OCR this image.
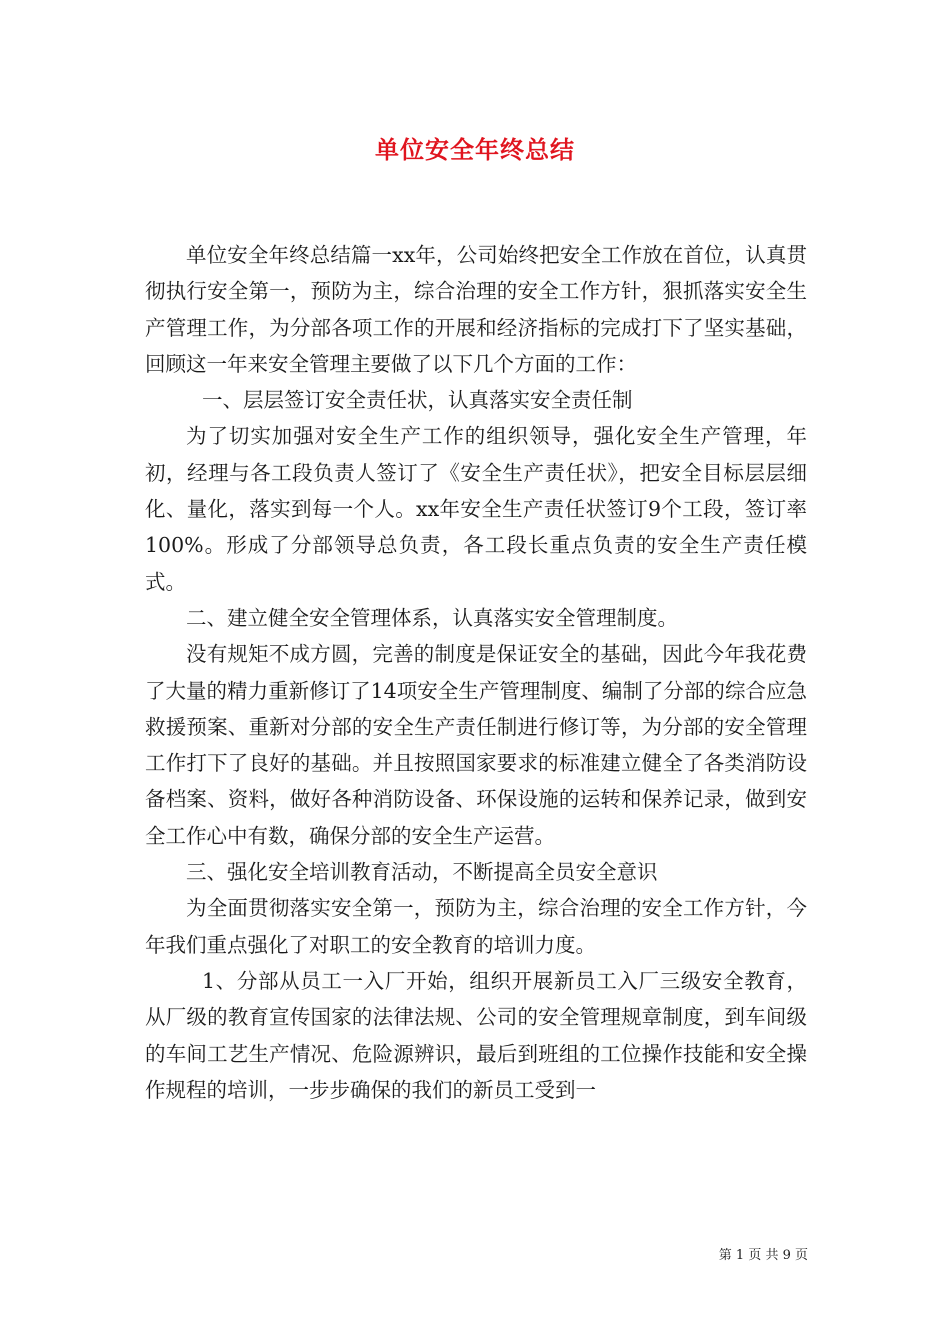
单位安全年终总结

单位安全年终总结篇一xx年，公司始终把安全工作放在首位，认真贯彻执行安全第一，预防为主，综合治理的安全工作方针，狠抓落实安全生产管理工作，为分部各项工作的开展和经济指标的完成打下了坚实基础，回顾这一年来安全管理主要做了以下几个方面的工作：

一、层层签订安全责任状，认真落实安全责任制

为了切实加强对安全生产工作的组织领导，强化安全生产管理，年初，经理与各工段负责人签订了《安全生产责任状》，把安全目标层层细化、量化，落实到每一个人。xx年安全生产责任状签订9个工段，签订率100%。形成了分部领导总负责，各工段长重点负责的安全生产责任模式。

二、建立健全安全管理体系，认真落实安全管理制度。

没有规矩不成方圆，完善的制度是保证安全的基础，因此今年我花费了大量的精力重新修订了14项安全生产管理制度、编制了分部的综合应急救援预案、重新对分部的安全生产责任制进行修订等，为分部的安全管理工作打下了良好的基础。并且按照国家要求的标准建立健全了各类消防设备档案、资料，做好各种消防设备、环保设施的运转和保养记录，做到安全工作心中有数，确保分部的安全生产运营。

三、强化安全培训教育活动，不断提高全员安全意识

为全面贯彻落实安全第一，预防为主，综合治理的安全工作方针，今年我们重点强化了对职工的安全教育的培训力度。

1、分部从员工一入厂开始，组织开展新员工入厂三级安全教育，从厂级的教育宣传国家的法律法规、公司的安全管理规章制度，到车间级的车间工艺生产情况、危险源辨识，最后到班组的工位操作技能和安全操作规程的培训，一步步确保的我们的新员工受到一

第 1 页 共 9 页
